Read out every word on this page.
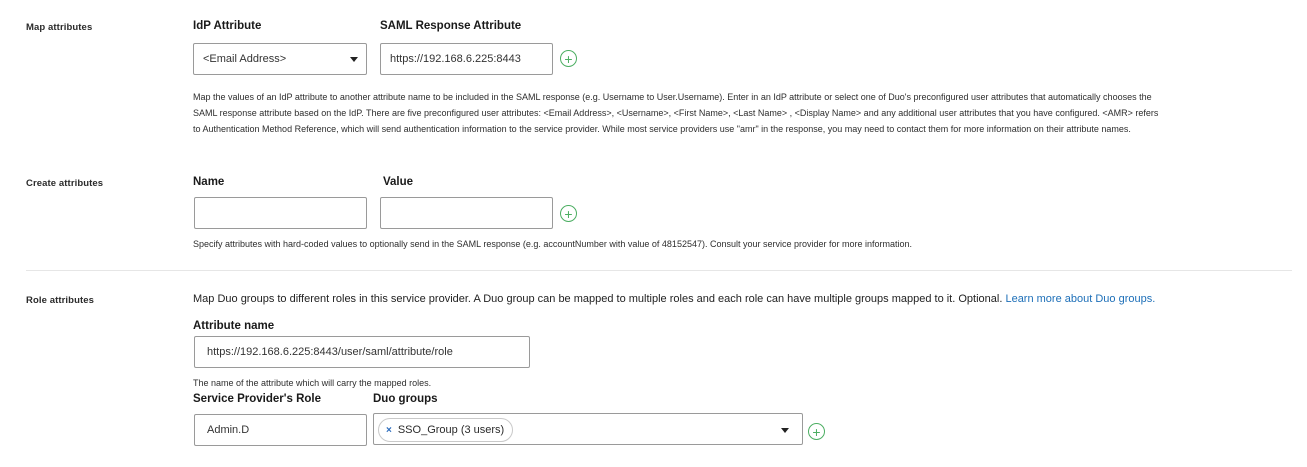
Map attributes	IdP Attribute	SAML Response Attribute
<Email Address>	https://192.168.6.225:8443	+
Map the values of an IdP attribute to another attribute name to be included in the SAML response (e.g. Username to User.Username). Enter in an IdP attribute or select one of Duo's preconfigured user attributes that automatically chooses the
SAML response attribute based on the IdP. There are five preconfigured user attributes: <Email Address>, <Username>, <First Name>, <Last Name> , <Display Name> and any additional user attributes that you have configured. <AMR> refers
to Authentication Method Reference, which will send authentication information to the service provider. While most service providers use "amr" in the response, you may need to contact them for more information on their attribute names.
Create attributes	Name	Value
+
Specify attributes with hard-coded values to optionally send in the SAML response (e.g. accountNumber with value of 48152547). Consult your service provider for more information.
Role attributes	Map Duo groups to different roles in this service provider. A Duo group can be mapped to multiple roles and each role can have multiple groups mapped to it. Optional. Learn more about Duo groups.
Attribute name
https://192.168.6.225:8443/user/saml/attribute/role
The name of the attribute which will carry the mapped roles.
Service Provider's Role	Duo groups
Admin.D	× SSO_Group (3 users)	+
